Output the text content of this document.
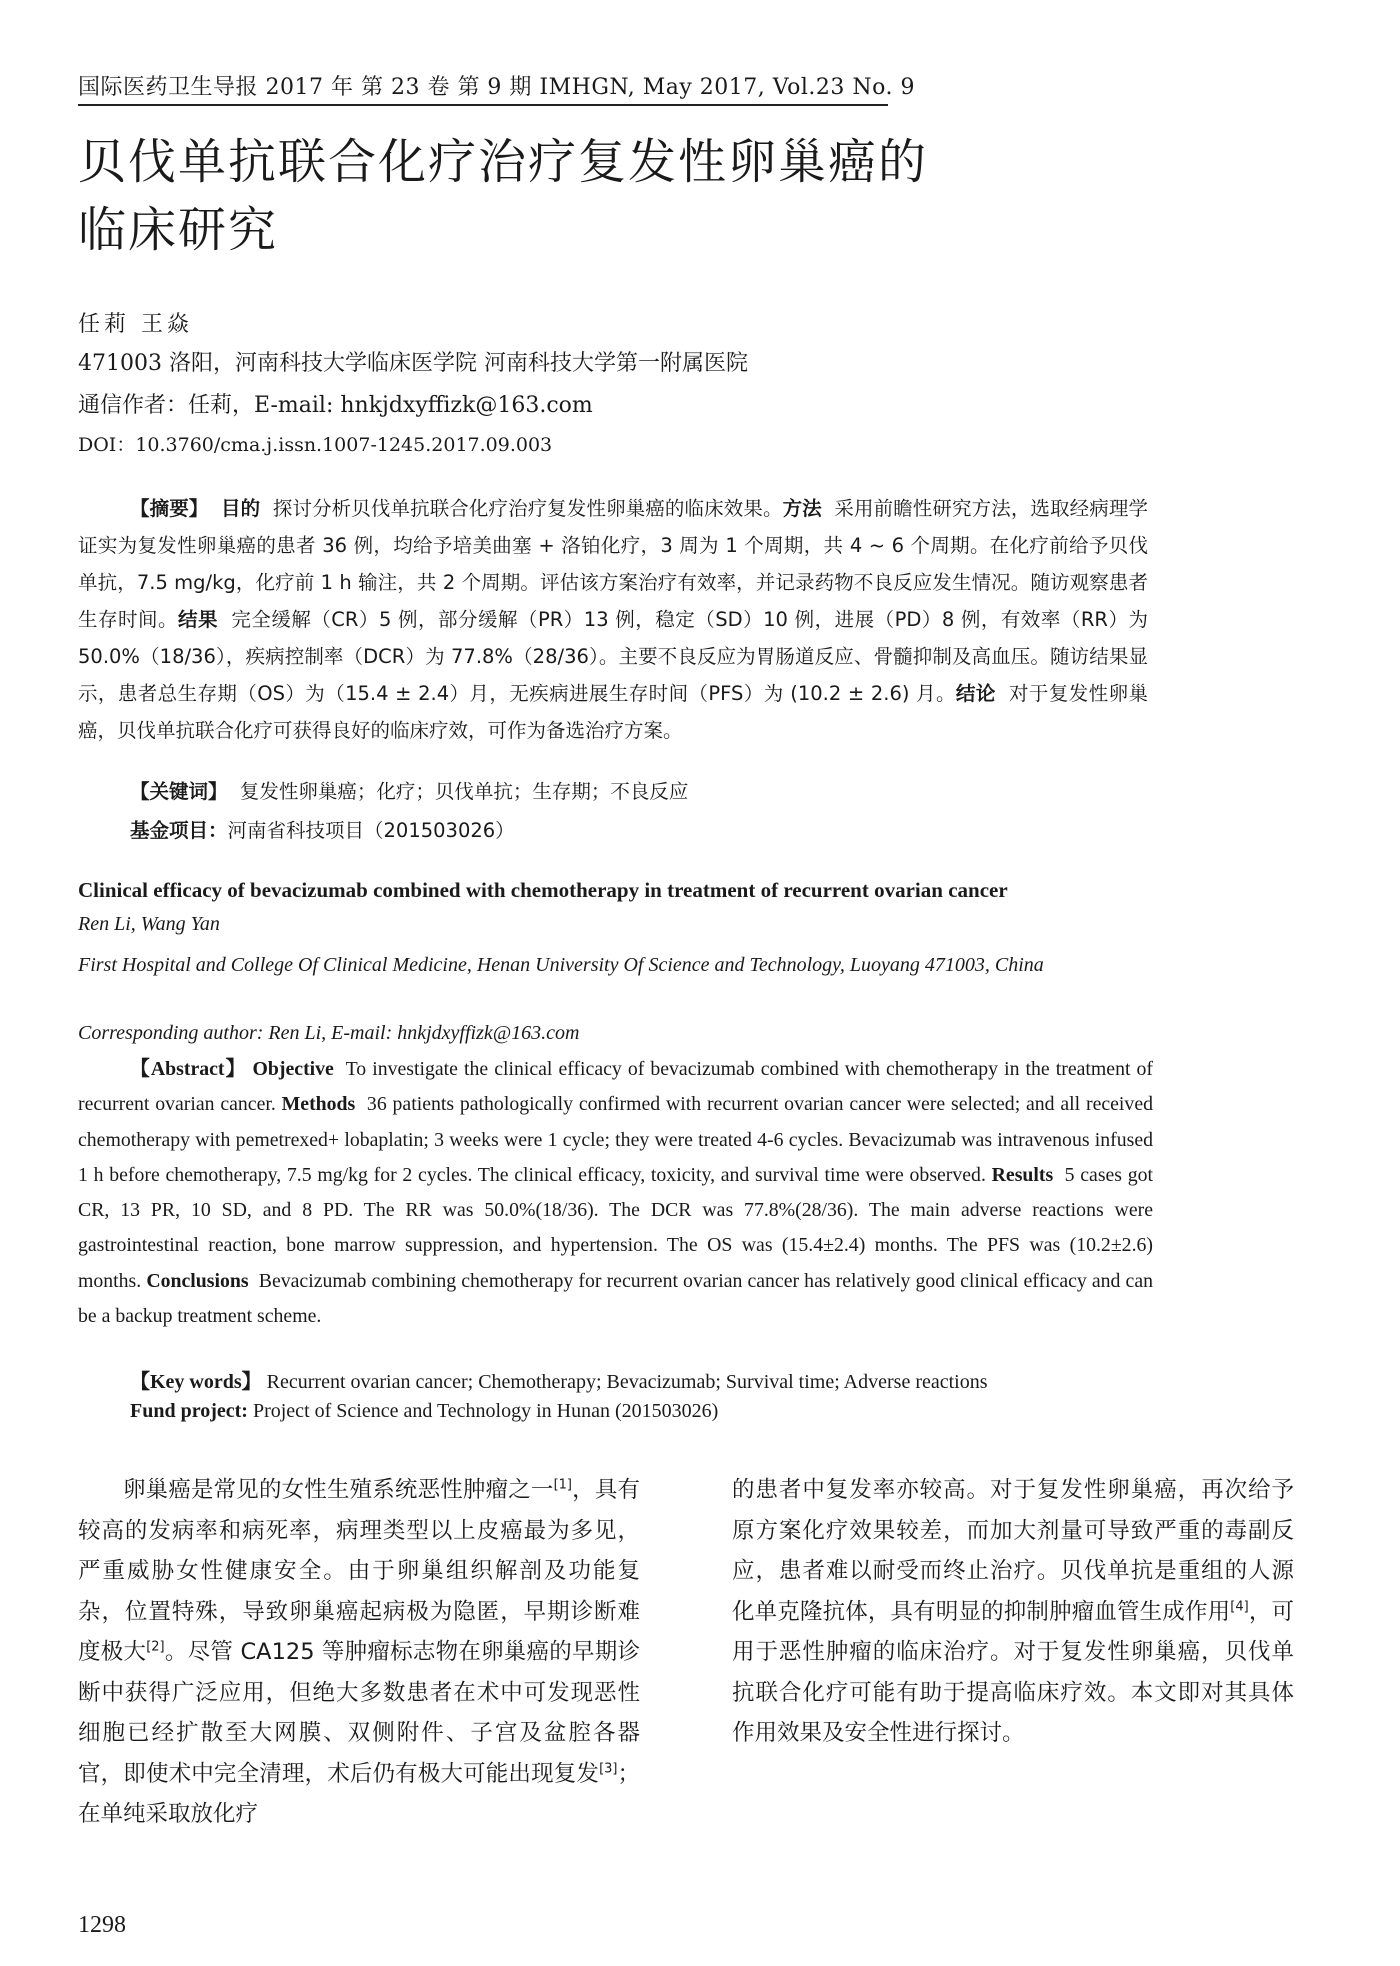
国际医药卫生导报 2017 年 第 23 卷 第 9 期 IMHGN, May 2017, Vol.23 No. 9
贝伐单抗联合化疗治疗复发性卵巢癌的
临床研究
任莉 王焱
471003 洛阳，河南科技大学临床医学院 河南科技大学第一附属医院
通信作者：任莉，E-mail: hnkjdxyffizk@163.com
DOI：10.3760/cma.j.issn.1007-1245.2017.09.003
【摘要】 目的 探讨分析贝伐单抗联合化疗治疗复发性卵巢癌的临床效果。方法 采用前瞻性研究方法，选取经病理学证实为复发性卵巢癌的患者 36 例，均给予培美曲塞 + 洛铂化疗，3 周为 1 个周期，共 4 ~ 6 个周期。在化疗前给予贝伐单抗，7.5 mg/kg，化疗前 1 h 输注，共 2 个周期。评估该方案治疗有效率，并记录药物不良反应发生情况。随访观察患者生存时间。结果 完全缓解（CR）5 例，部分缓解（PR）13 例，稳定（SD）10 例，进展（PD）8 例，有效率（RR）为 50.0%（18/36），疾病控制率（DCR）为 77.8%（28/36）。主要不良反应为胃肠道反应、骨髓抑制及高血压。随访结果显示，患者总生存期（OS）为（15.4 ± 2.4）月，无疾病进展生存时间（PFS）为 (10.2 ± 2.6) 月。结论 对于复发性卵巢癌，贝伐单抗联合化疗可获得良好的临床疗效，可作为备选治疗方案。
【关键词】 复发性卵巢癌；化疗；贝伐单抗；生存期；不良反应
基金项目：河南省科技项目（201503026）
Clinical efficacy of bevacizumab combined with chemotherapy in treatment of recurrent ovarian cancer
Ren Li, Wang Yan
First Hospital and College Of Clinical Medicine, Henan University Of Science and Technology, Luoyang 471003, China
Corresponding author: Ren Li, E-mail: hnkjdxyffizk@163.com
【Abstract】 Objective To investigate the clinical efficacy of bevacizumab combined with chemotherapy in the treatment of recurrent ovarian cancer. Methods 36 patients pathologically confirmed with recurrent ovarian cancer were selected; and all received chemotherapy with pemetrexed+ lobaplatin; 3 weeks were 1 cycle; they were treated 4-6 cycles. Bevacizumab was intravenous infused 1 h before chemotherapy, 7.5 mg/kg for 2 cycles. The clinical efficacy, toxicity, and survival time were observed. Results 5 cases got CR, 13 PR, 10 SD, and 8 PD. The RR was 50.0%(18/36). The DCR was 77.8%(28/36). The main adverse reactions were gastrointestinal reaction, bone marrow suppression, and hypertension. The OS was (15.4±2.4) months. The PFS was (10.2±2.6) months. Conclusions Bevacizumab combining chemotherapy for recurrent ovarian cancer has relatively good clinical efficacy and can be a backup treatment scheme.
【Key words】 Recurrent ovarian cancer; Chemotherapy; Bevacizumab; Survival time; Adverse reactions
Fund project: Project of Science and Technology in Hunan (201503026)
卵巢癌是常见的女性生殖系统恶性肿瘤之一[1]，具有较高的发病率和病死率，病理类型以上皮癌最为多见，严重威胁女性健康安全。由于卵巢组织解剖及功能复杂，位置特殊，导致卵巢癌起病极为隐匿，早期诊断难度极大[2]。尽管 CA125 等肿瘤标志物在卵巢癌的早期诊断中获得广泛应用，但绝大多数患者在术中可发现恶性细胞已经扩散至大网膜、双侧附件、子宫及盆腔各器官，即使术中完全清理，术后仍有极大可能出现复发[3]；在单纯采取放化疗
的患者中复发率亦较高。对于复发性卵巢癌，再次给予原方案化疗效果较差，而加大剂量可导致严重的毒副反应，患者难以耐受而终止治疗。贝伐单抗是重组的人源化单克隆抗体，具有明显的抑制肿瘤血管生成作用[4]，可用于恶性肿瘤的临床治疗。对于复发性卵巢癌，贝伐单抗联合化疗可能有助于提高临床疗效。本文即对其具体作用效果及安全性进行探讨。
1298
